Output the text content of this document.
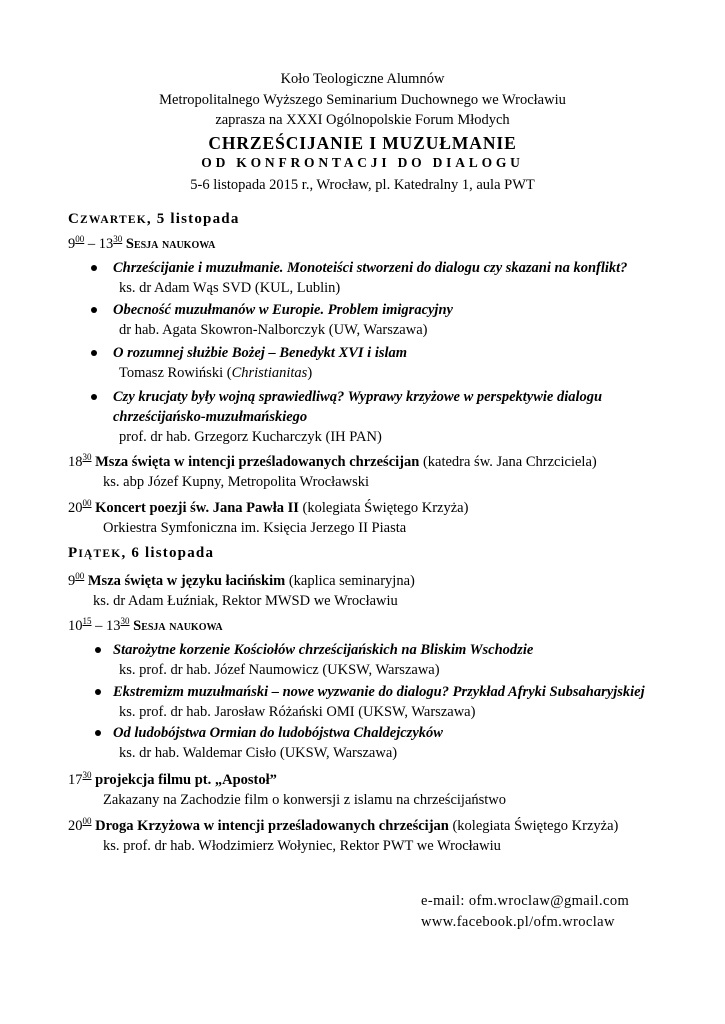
Koło Teologiczne Alumnów
Metropolitalnego Wyższego Seminarium Duchownego we Wrocławiu
zaprasza na XXXI Ogólnopolskie Forum Młodych
CHRZEŚCIJANIE I MUZUŁMANIE
OD KONFRONTACJI DO DIALOGU
5-6 listopada 2015 r., Wrocław, pl. Katedralny 1, aula PWT
CZWARTEK, 5 listopada
$9^{00} - 13^{30}$ Sesja naukowa
Chrześcijanie i muzułmanie. Monoteiści stworzeni do dialogu czy skazani na konflikt?
ks. dr Adam Wąs SVD (KUL, Lublin)
Obecność muzułmanów w Europie. Problem imigracyjny
dr hab. Agata Skowron-Nalborczyk (UW, Warszawa)
O rozumnej służbie Bożej – Benedykt XVI i islam
Tomasz Rowiński (Christianitas)
Czy krucjaty były wojną sprawiedliwą? Wyprawy krzyżowe w perspektywie dialogu
chrześcijańsko-muzułmańskiego
prof. dr hab. Grzegorz Kucharczyk (IH PAN)
$18^{30}$ Msza święta w intencji prześladowanych chrześcijan (katedra św. Jana Chrzciciela)
ks. abp Józef Kupny, Metropolita Wrocławski
$20^{00}$ Koncert poezji św. Jana Pawła II (kolegiata Świętego Krzyża)
Orkiestra Symfoniczna im. Księcia Jerzego II Piasta
PIĄTEK, 6 listopada
$9^{00}$ Msza święta w języku łacińskim (kaplica seminaryjna)
ks. dr Adam Łuźniak, Rektor MWSD we Wrocławiu
$10^{15} - 13^{30}$ Sesja naukowa
Starożytne korzenie Kościołów chrześcijańskich na Bliskim Wschodzie
ks. prof. dr hab. Józef Naumowicz (UKSW, Warszawa)
Ekstremizm muzułmański – nowe wyzwanie do dialogu? Przykład Afryki Subsaharyjskiej
ks. prof. dr hab. Jarosław Różański OMI (UKSW, Warszawa)
Od ludobójstwa Ormian do ludobójstwa Chaldejczyków
ks. dr hab. Waldemar Cisło (UKSW, Warszawa)
$17^{30}$ projekcja filmu pt. „Apostoł”
Zakazany na Zachodzie film o konwersji z islamu na chrześcijaństwo
$20^{00}$ Droga Krzyżowa w intencji prześladowanych chrześcijan (kolegiata Świętego Krzyża)
ks. prof. dr hab. Włodzimierz Wołyniec, Rektor PWT we Wrocławiu
e-mail: ofm.wroclaw@gmail.com
www.facebook.pl/ofm.wroclaw
